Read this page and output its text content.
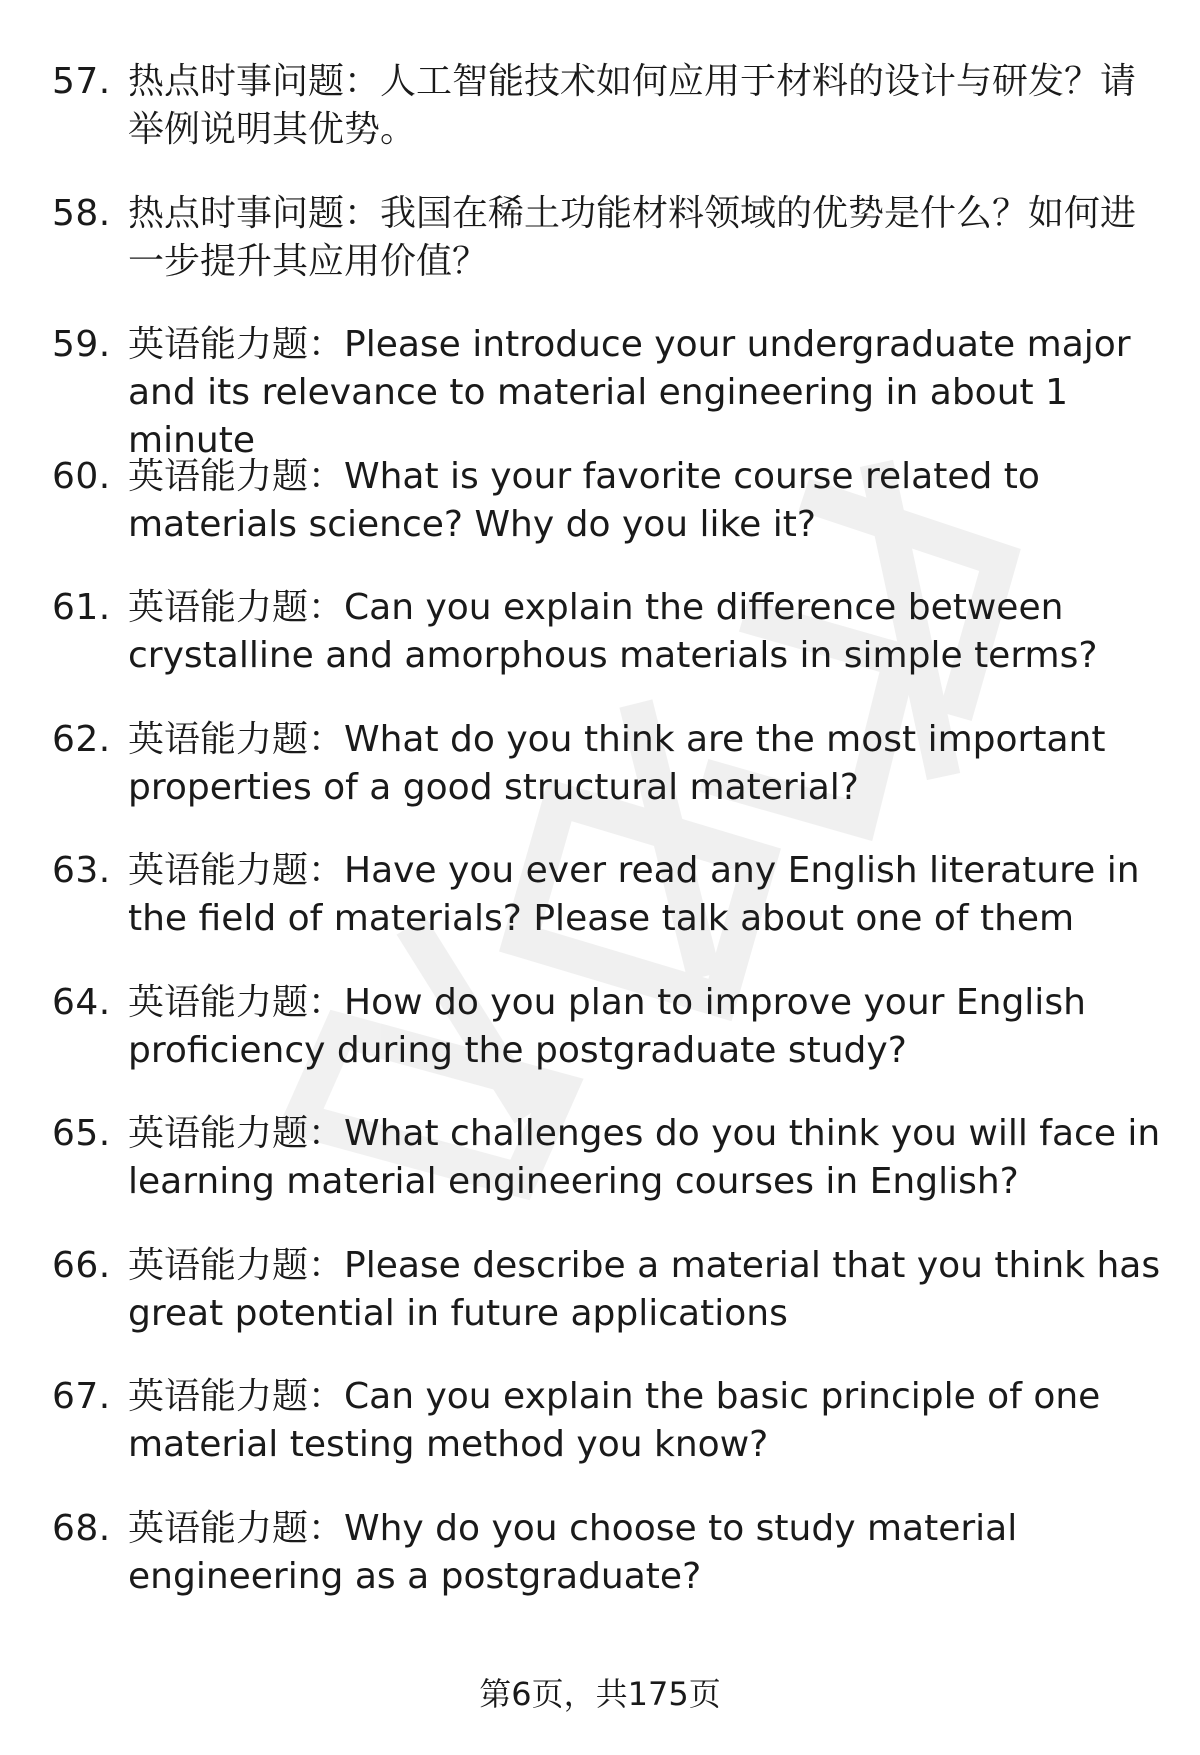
57. 热点时事问题：人工智能技术如何应用于材料的设计与研发？请举例说明其优势。
58. 热点时事问题：我国在稀土功能材料领域的优势是什么？如何进一步提升其应用价值？
59. 英语能力题：Please introduce your undergraduate major and its relevance to material engineering in about 1 minute
60. 英语能力题：What is your favorite course related to materials science? Why do you like it?
61. 英语能力题：Can you explain the difference between crystalline and amorphous materials in simple terms?
62. 英语能力题：What do you think are the most important properties of a good structural material?
63. 英语能力题：Have you ever read any English literature in the field of materials? Please talk about one of them
64. 英语能力题：How do you plan to improve your English proficiency during the postgraduate study?
65. 英语能力题：What challenges do you think you will face in learning material engineering courses in English?
66. 英语能力题：Please describe a material that you think has great potential in future applications
67. 英语能力题：Can you explain the basic principle of one material testing method you know?
68. 英语能力题：Why do you choose to study material engineering as a postgraduate?
第6页，共175页
